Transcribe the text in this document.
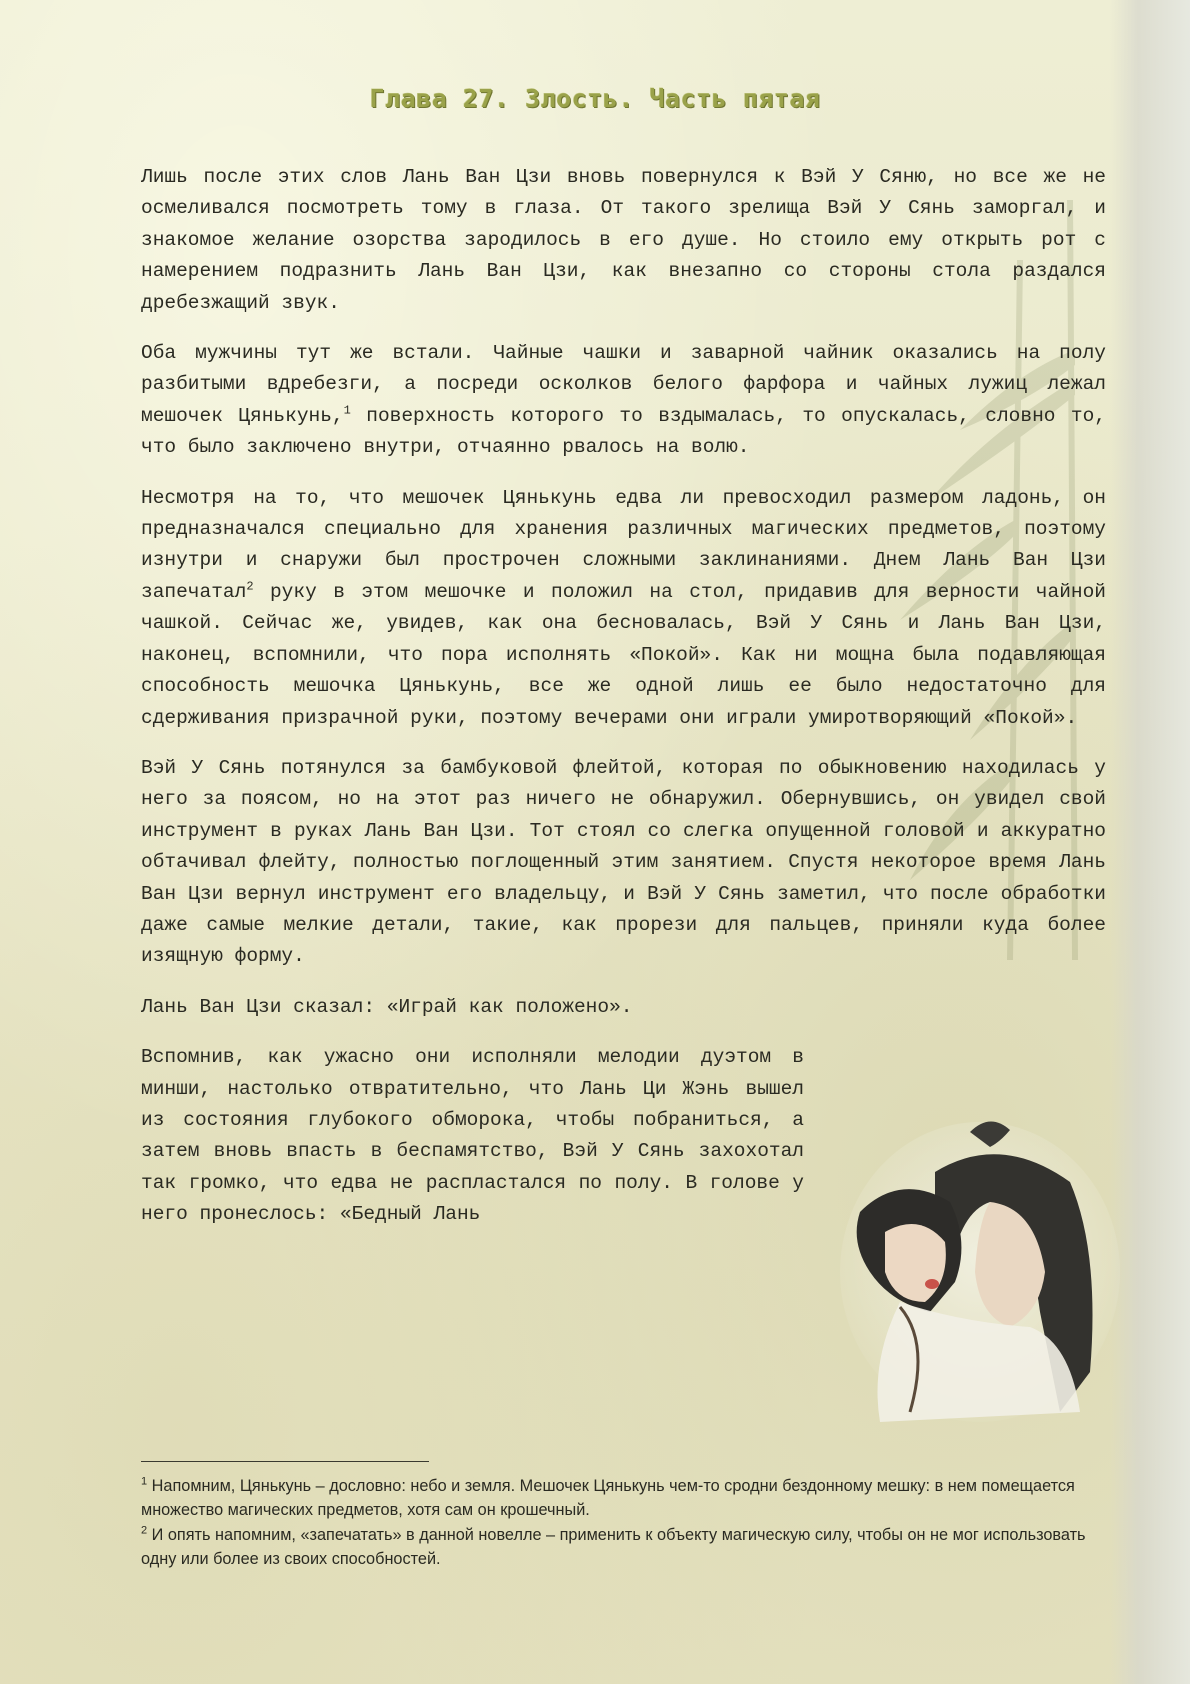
Глава 27. Злость. Часть пятая

Лишь после этих слов Лань Ван Цзи вновь повернулся к Вэй У Сяню, но все же не осмеливался посмотреть тому в глаза. От такого зрелища Вэй У Сянь заморгал, и знакомое желание озорства зародилось в его душе. Но стоило ему открыть рот с намерением подразнить Лань Ван Цзи, как внезапно со стороны стола раздался дребезжащий звук.

Оба мужчины тут же встали. Чайные чашки и заварной чайник оказались на полу разбитыми вдребезги, а посреди осколков белого фарфора и чайных лужиц лежал мешочек Цянькунь,$^1$ поверхность которого то вздымалась, то опускалась, словно то, что было заключено внутри, отчаянно рвалось на волю.

Несмотря на то, что мешочек Цянькунь едва ли превосходил размером ладонь, он предназначался специально для хранения различных магических предметов, поэтому изнутри и снаружи был прострочен сложными заклинаниями. Днем Лань Ван Цзи запечатал$^2$ руку в этом мешочке и положил на стол, придавив для верности чайной чашкой. Сейчас же, увидев, как она бесновалась, Вэй У Сянь и Лань Ван Цзи, наконец, вспомнили, что пора исполнять «Покой». Как ни мощна была подавляющая способность мешочка Цянькунь, все же одной лишь ее было недостаточно для сдерживания призрачной руки, поэтому вечерами они играли умиротворяющий «Покой».

Вэй У Сянь потянулся за бамбуковой флейтой, которая по обыкновению находилась у него за поясом, но на этот раз ничего не обнаружил. Обернувшись, он увидел свой инструмент в руках Лань Ван Цзи. Тот стоял со слегка опущенной головой и аккуратно обтачивал флейту, полностью поглощенный этим занятием. Спустя некоторое время Лань Ван Цзи вернул инструмент его владельцу, и Вэй У Сянь заметил, что после обработки даже самые мелкие детали, такие, как прорези для пальцев, приняли куда более изящную форму.

Лань Ван Цзи сказал: «Играй как положено».

Вспомнив, как ужасно они исполняли мелодии дуэтом в минши, настолько отвратительно, что Лань Ци Жэнь вышел из состояния глубокого обморока, чтобы побраниться, а затем вновь впасть в беспамятство, Вэй У Сянь захохотал так громко, что едва не распластался по полу. В голове у него пронеслось: «Бедный Лань

$^1$ Напомним, Цянькунь – дословно: небо и земля. Мешочек Цянькунь чем-то сродни бездонному мешку: в нем помещается множество магических предметов, хотя сам он крошечный.

$^2$ И опять напомним, «запечатать» в данной новелле – применить к объекту магическую силу, чтобы он не мог использовать одну или более из своих способностей.
